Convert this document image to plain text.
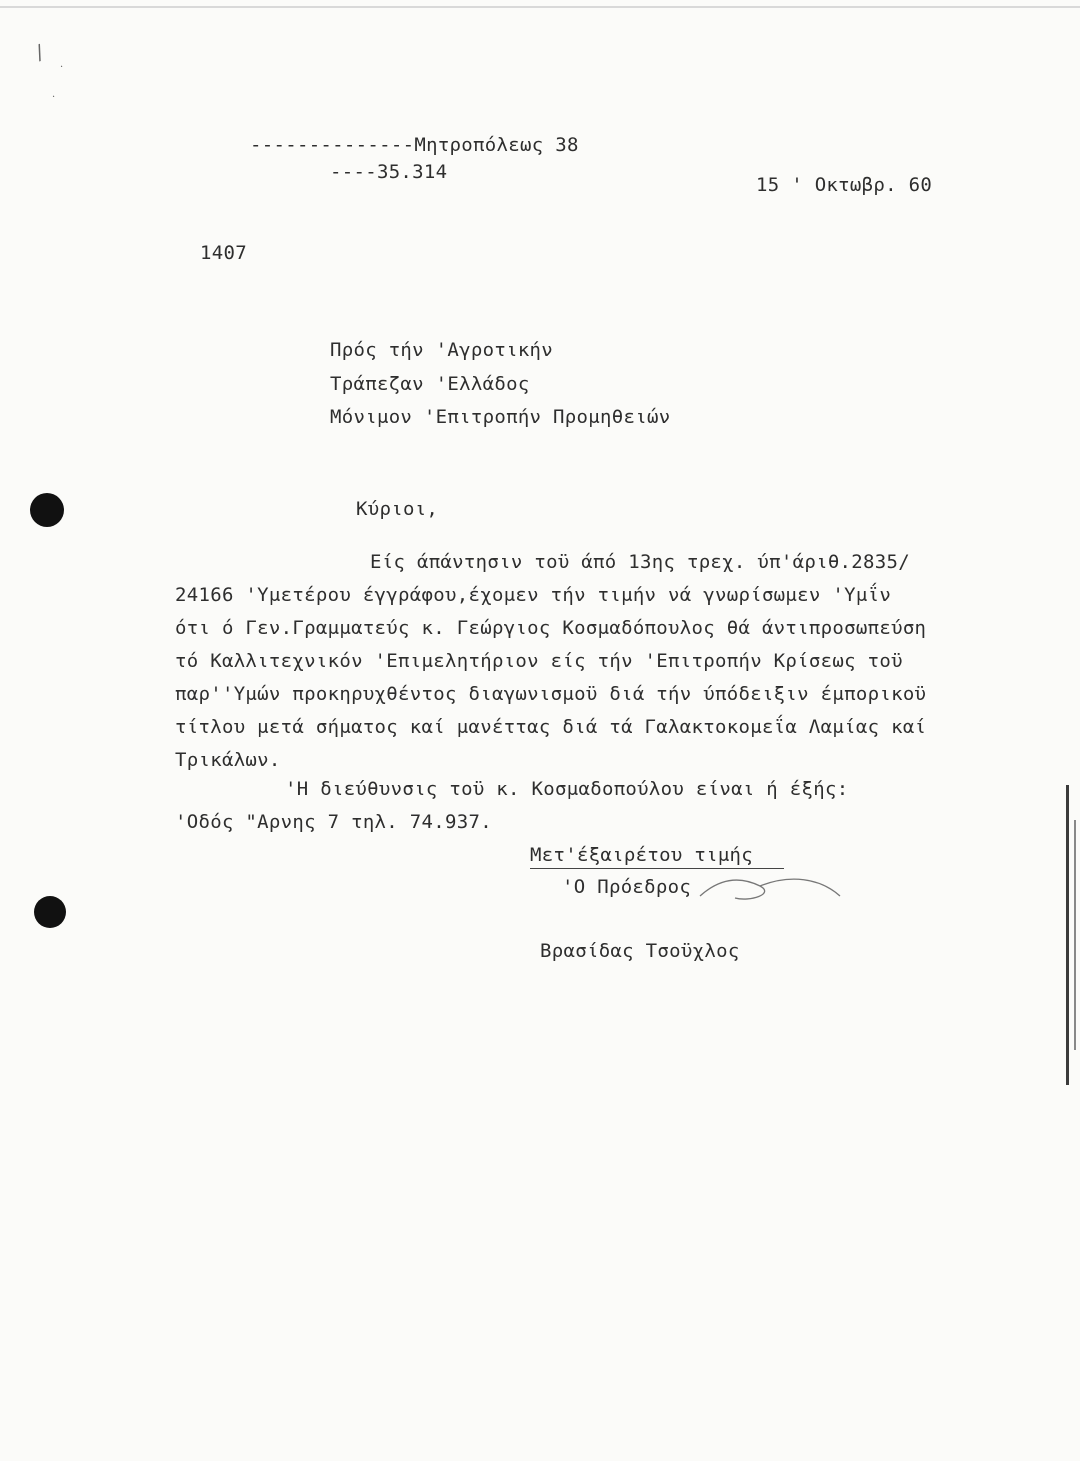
/
·
·
--------------Μητροπόλεως 38
----35.314
15 ' Οκτωβρ. 60
1407
Πρός τήν 'Αγροτικήν
Τράπεζαν 'Ελλάδος
Μόνιμον 'Επιτροπήν Προμηθειών
Κύριοι,
Είς άπάντησιν τοϋ άπό 13ης τρεχ. ύπ'άριθ.2835/
24166 'Υμετέρου έγγράφου,έχομεν τήν τιμήν νά γνωρίσωμεν 'Υμΐν
ότι ό Γεν.Γραμματεύς κ. Γεώργιος Κοσμαδόπουλος θά άντιπροσωπεύση
τό Καλλιτεχνικόν 'Επιμελητήριον είς τήν 'Επιτροπήν Κρίσεως τοϋ
παρ''Υμών προκηρυχθέντος διαγωνισμοϋ διά τήν ύπόδειξιν έμπορικοϋ
τίτλου μετά σήματος καί μανέττας διά τά Γαλακτοκομεΐα Λαμίας καί
Τρικάλων.
'Η διεύθυνσις τοϋ κ. Κοσμαδοπούλου είναι ή έξής:
'Οδός "Αρνης 7 τηλ. 74.937.
Μετ'έξαιρέτου τιμής
'Ο Πρόεδρος
Βρασίδας Τσοϋχλος
